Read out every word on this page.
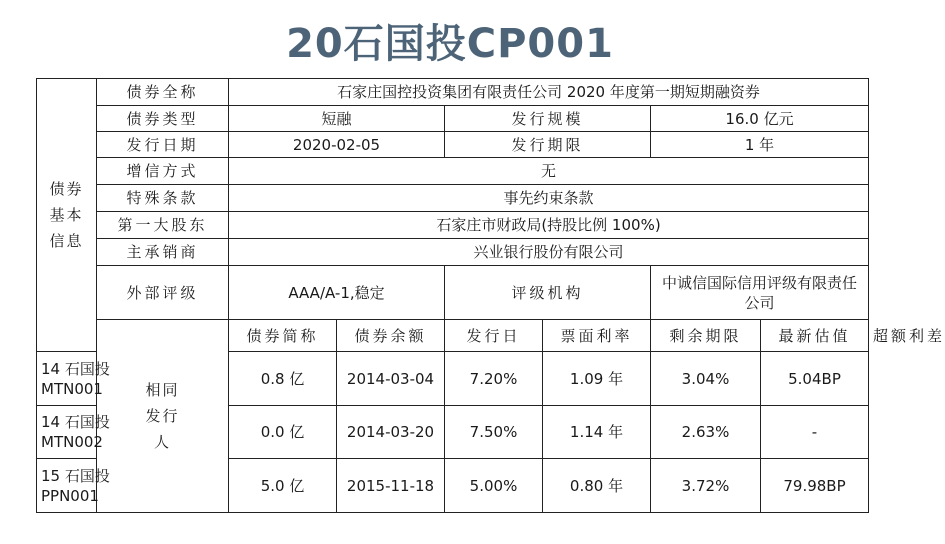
20石国投CP001
债券
基本
信息	债券全称	石家庄国控投资集团有限责任公司 2020 年度第一期短期融资券						
	债券类型	短融		发行规模		16.0 亿元		
	发行日期	2020-02-05		发行期限		1 年		
	增信方式	无						
	特殊条款	事先约束条款						
	第一大股东	石家庄市财政局(持股比例 100%)						
	主承销商	兴业银行股份有限公司						
	外部评级	AAA/A-1,稳定		评级机构		中诚信国际信用评级有限责任公司		

	相同
发行
人	债券简称	债券余额	发行日	票面利率	剩余期限	最新估值	超额利差

14 石国投
MTN001		0.8 亿	2014-03-04	7.20%	1.09 年	3.04%	5.04BP	

14 石国投
MTN002		0.0 亿	2014-03-20	7.50%	1.14 年	2.63%	-	

15 石国投
PPN001		5.0 亿	2015-11-18	5.00%	0.80 年	3.72%	79.98BP	
